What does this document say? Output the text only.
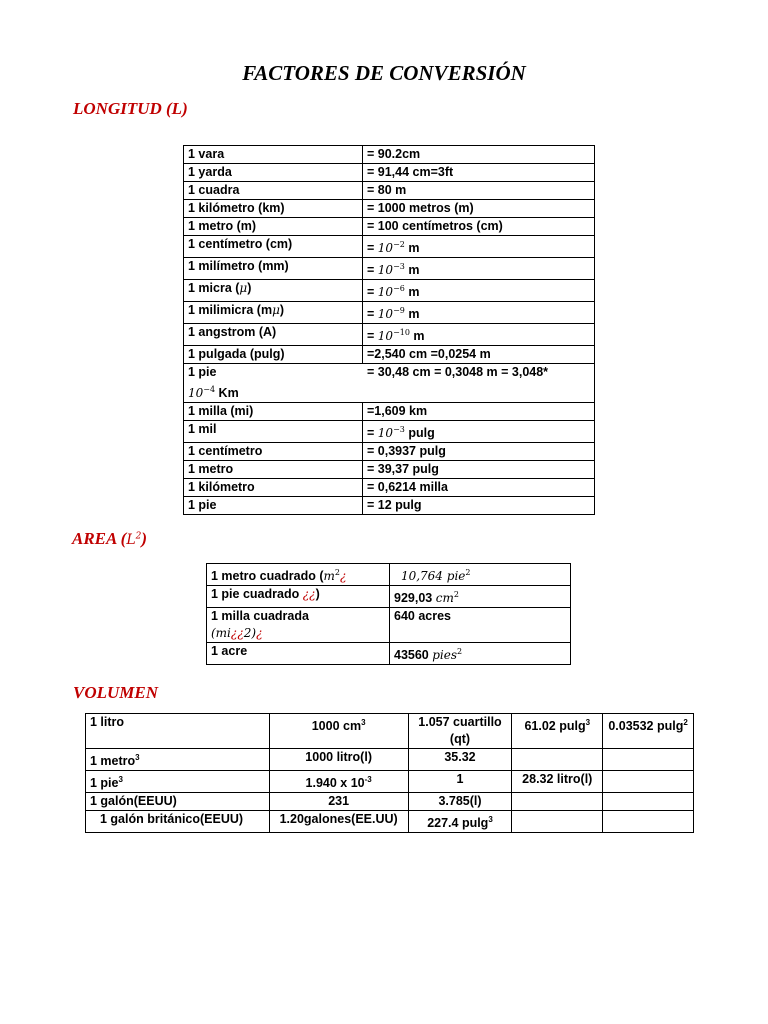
FACTORES DE CONVERSIÓN
LONGITUD (L)
1 vara	= 90.2cm
1 yarda	= 91,44 cm=3ft
1 cuadra	= 80 m
1 kilómetro (km)	= 1000 metros (m)
1 metro (m)	= 100 centímetros (cm)
1 centímetro (cm)	= $10^{-2}$ m
1 milímetro (mm)	= $10^{-3}$ m
1 micra (μ)	= $10^{-6}$ m
1 milimicra (mμ)	= $10^{-9}$ m
1 angstrom (A)	= $10^{-10}$ m
1 pulgada (pulg)	=2,540 cm =0,0254 m

1 pie = 30,48 cm = 0,3048 m = 3,048*
$10^{-4}$ Km	

1 milla (mi)	=1,609 km
1 mil	= $10^{-3}$ pulg
1 centímetro	= 0,3937 pulg
1 metro	= 39,37 pulg
1 kilómetro	= 0,6214 milla
1 pie	= 12 pulg
AREA $(L^2)$
1 metro cuadrado ($m^2¿$	10,764 pie$^2$
1 pie cuadrado ¿¿)	929,03 $cm^2$

1 milla cuadrada
(mi¿¿2)¿	640 acres
1 acre	43560 pies$^2$
VOLUMEN
1 litro	1000 $cm^3$	1.057 cuartillo (qt)	61.02 pulg$^3$	0.03532 pulg$^2$
1 metro$^3$	1000 litro(l)	35.32		
1 pie$^3$	1.940 x $10^{-3}$	1	28.32 litro(l)	
1 galón(EEUU)	231	3.785(l)		
1 galón británico(EEUU)	1.20galones(EE.UU)	227.4 pulg$^3$		
